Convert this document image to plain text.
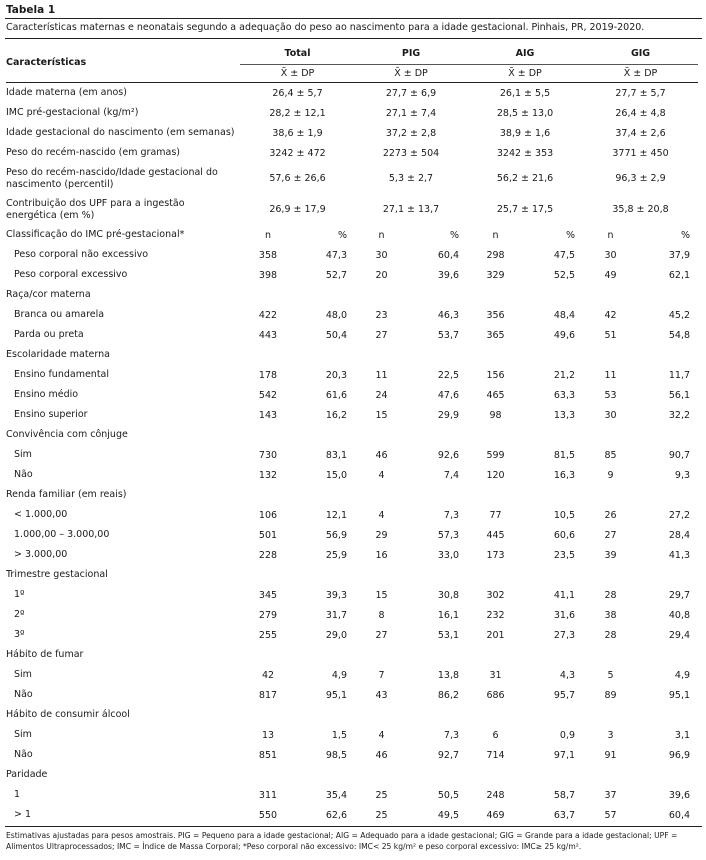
Tabela 1
Características maternas e neonatais segundo a adequação do peso ao nascimento para a idade gestacional. Pinhais, PR, 2019-2020.
Características	Total		PIG		AIG		GIG	
	X̄ ± DP		X̄ ± DP		X̄ ± DP		X̄ ± DP	
Idade materna (em anos)	26,4 ± 5,7		27,7 ± 6,9		26,1 ± 5,5		27,7 ± 5,7	
IMC pré-gestacional (kg/m²)	28,2 ± 12,1		27,1 ± 7,4		28,5 ± 13,0		26,4 ± 4,8	
Idade gestacional do nascimento (em semanas)	38,6 ± 1,9		37,2 ± 2,8		38,9 ± 1,6		37,4 ± 2,6	
Peso do recém-nascido (em gramas)	3242 ± 472		2273 ± 504		3242 ± 353		3771 ± 450	
Peso do recém-nascido/Idade gestacional do nascimento (percentil)	57,6 ± 26,6		5,3 ± 2,7		56,2 ± 21,6		96,3 ± 2,9	
Contribuição dos UPF para a ingestão energética (em %)	26,9 ± 17,9		27,1 ± 13,7		25,7 ± 17,5		35,8 ± 20,8	
Classificação do IMC pré-gestacional*	n	%	n	%	n	%	n	%
Peso corporal não excessivo	358	47,3	30	60,4	298	47,5	30	37,9
Peso corporal excessivo	398	52,7	20	39,6	329	52,5	49	62,1
Raça/cor materna								
Branca ou amarela	422	48,0	23	46,3	356	48,4	42	45,2
Parda ou preta	443	50,4	27	53,7	365	49,6	51	54,8
Escolaridade materna								
Ensino fundamental	178	20,3	11	22,5	156	21,2	11	11,7
Ensino médio	542	61,6	24	47,6	465	63,3	53	56,1
Ensino superior	143	16,2	15	29,9	98	13,3	30	32,2
Convivência com cônjuge								
Sim	730	83,1	46	92,6	599	81,5	85	90,7
Não	132	15,0	4	7,4	120	16,3	9	9,3
Renda familiar (em reais)								
< 1.000,00	106	12,1	4	7,3	77	10,5	26	27,2
1.000,00 – 3.000,00	501	56,9	29	57,3	445	60,6	27	28,4
> 3.000,00	228	25,9	16	33,0	173	23,5	39	41,3
Trimestre gestacional								
1º	345	39,3	15	30,8	302	41,1	28	29,7
2º	279	31,7	8	16,1	232	31,6	38	40,8
3º	255	29,0	27	53,1	201	27,3	28	29,4
Hábito de fumar								
Sim	42	4,9	7	13,8	31	4,3	5	4,9
Não	817	95,1	43	86,2	686	95,7	89	95,1
Hábito de consumir álcool								
Sim	13	1,5	4	7,3	6	0,9	3	3,1
Não	851	98,5	46	92,7	714	97,1	91	96,9
Paridade								
1	311	35,4	25	50,5	248	58,7	37	39,6
> 1	550	62,6	25	49,5	469	63,7	57	60,4
Estimativas ajustadas para pesos amostrais. PIG = Pequeno para a idade gestacional; AIG = Adequado para a idade gestacional; GIG = Grande para a idade gestacional; UPF = Alimentos Ultraprocessados; IMC = Índice de Massa Corporal; *Peso corporal não excessivo: IMC< 25 kg/m² e peso corporal excessivo: IMC≥ 25 kg/m².
